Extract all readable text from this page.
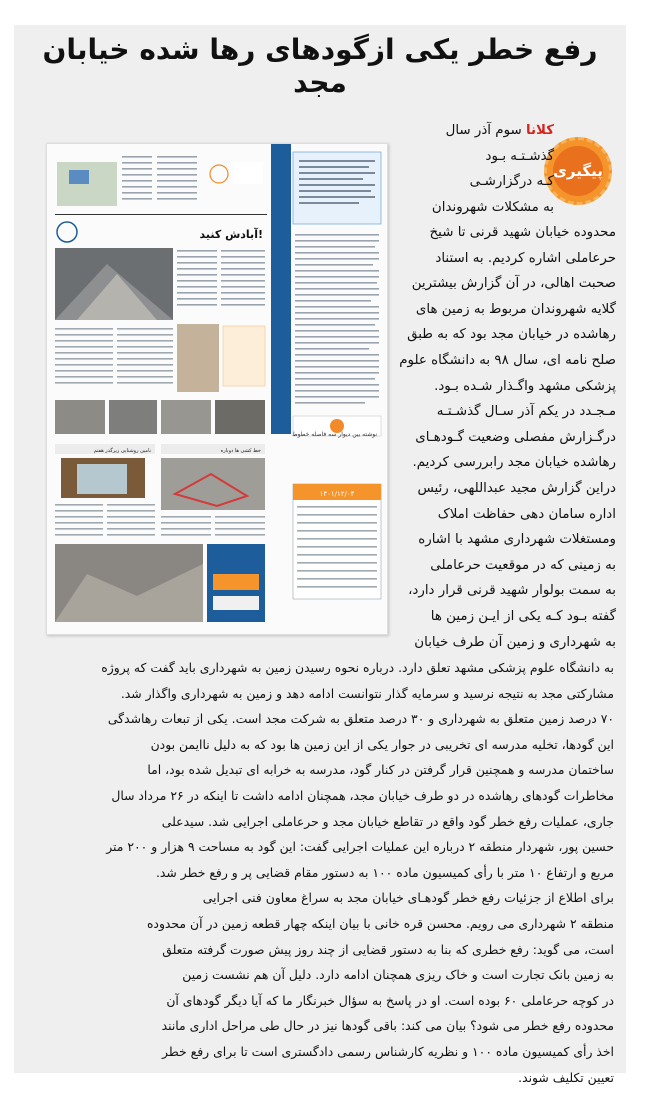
رفع خطر یکی ازگودهای رها شده خیابان مجد
پیگیری
نوشته بین دیوار سه فاصله خطوط
۱۴۰۱/۱۲/۰۴
آبادش کنید!
نامین روشنایی زیرگذر هفتم	خط کشی ها دوباره
کلانا سوم آذر سال
گذشـتـه بـود
کـه درگزارشـی
به مشکلات شهروندان
محدوده خیابان شهید قرنی تا شیخ
حرعاملی اشاره کردیم. به استناد
صحبت اهالی، در آن گزارش بیشترین
گلایه شهروندان مربوط به زمین های
رهاشده در خیابان مجد بود که به طبق
صلح نامه ای، سال ۹۸ به دانشگاه علوم
پزشکی مشهد واگـذار شـده بـود.
مـجـدد در یکم آذر سـال گذشـتـه
درگـزارش مفصلی وضعیت گـودهـای
رهاشده خیابان مجد رابررسی کردیم.
دراین گزارش مجید عبداللهی، رئیس
اداره سامان دهی حفاظت املاک
ومستغلات شهرداری مشهد با اشاره
به زمینی که در موقعیت حرعاملی
به سمت بولوار شهید قرنی قرار دارد،
گفته بـود کـه یکی از ایـن زمین ها
به شهرداری و زمین آن طرف خیابان
به دانشگاه علوم پزشکی مشهد تعلق دارد. درباره نحوه رسیدن زمین به شهرداری باید گفت که پروژه
مشارکتی مجد به نتیجه نرسید و سرمایه گذار نتوانست ادامه دهد و زمین به شهرداری واگذار شد.
۷۰ درصد زمین متعلق به شهرداری و ۳۰ درصد متعلق به شرکت مجد است. یکی از تبعات رهاشدگی
این گودها، تخلیه مدرسه ای تخریبی در جوار یکی از این زمین ها بود که به دلیل ناایمن بودن
ساختمان مدرسه و همچنین قرار گرفتن در کنار گود، مدرسه به خرابه ای تبدیل شده بود، اما
مخاطرات گودهای رهاشده در دو طرف خیابان مجد، همچنان ادامه داشت تا اینکه در ۲۶ مرداد سال
جاری، عملیات رفع خطر گود واقع در تقاطع خیابان مجد و حرعاملی اجرایی شد. سیدعلی
حسین پور، شهردار منطقه ۲ درباره این عملیات اجرایی گفت: این گود به مساحت ۹ هزار و ۲۰۰ متر
مربع و ارتفاع ۱۰ متر با رأی کمیسیون ماده ۱۰۰ به دستور مقام قضایی پر و رفع خطر شد.
برای اطلاع از جزئیات رفع خطر گودهـای خیابان مجد به سراغ معاون فنی اجرایی
منطقه ۲ شهرداری می رویم. محسن قره خانی با بیان اینکه چهار قطعه زمین در آن محدوده
است، می گوید: رفع خطری که بنا به دستور قضایی از چند روز پیش صورت گرفته متعلق
به زمین بانک تجارت است و خاک ریزی همچنان ادامه دارد. دلیل آن هم نشست زمین
در کوچه حرعاملی ۶۰ بوده است. او در پاسخ به سؤال خبرنگار ما که آیا دیگر گودهای آن
محدوده رفع خطر می شود؟ بیان می کند: باقی گودها نیز در حال طی مراحل اداری مانند
اخذ رأی کمیسیون ماده ۱۰۰ و نظریه کارشناس رسمی دادگستری است تا برای رفع خطر
تعیین تکلیف شوند.
